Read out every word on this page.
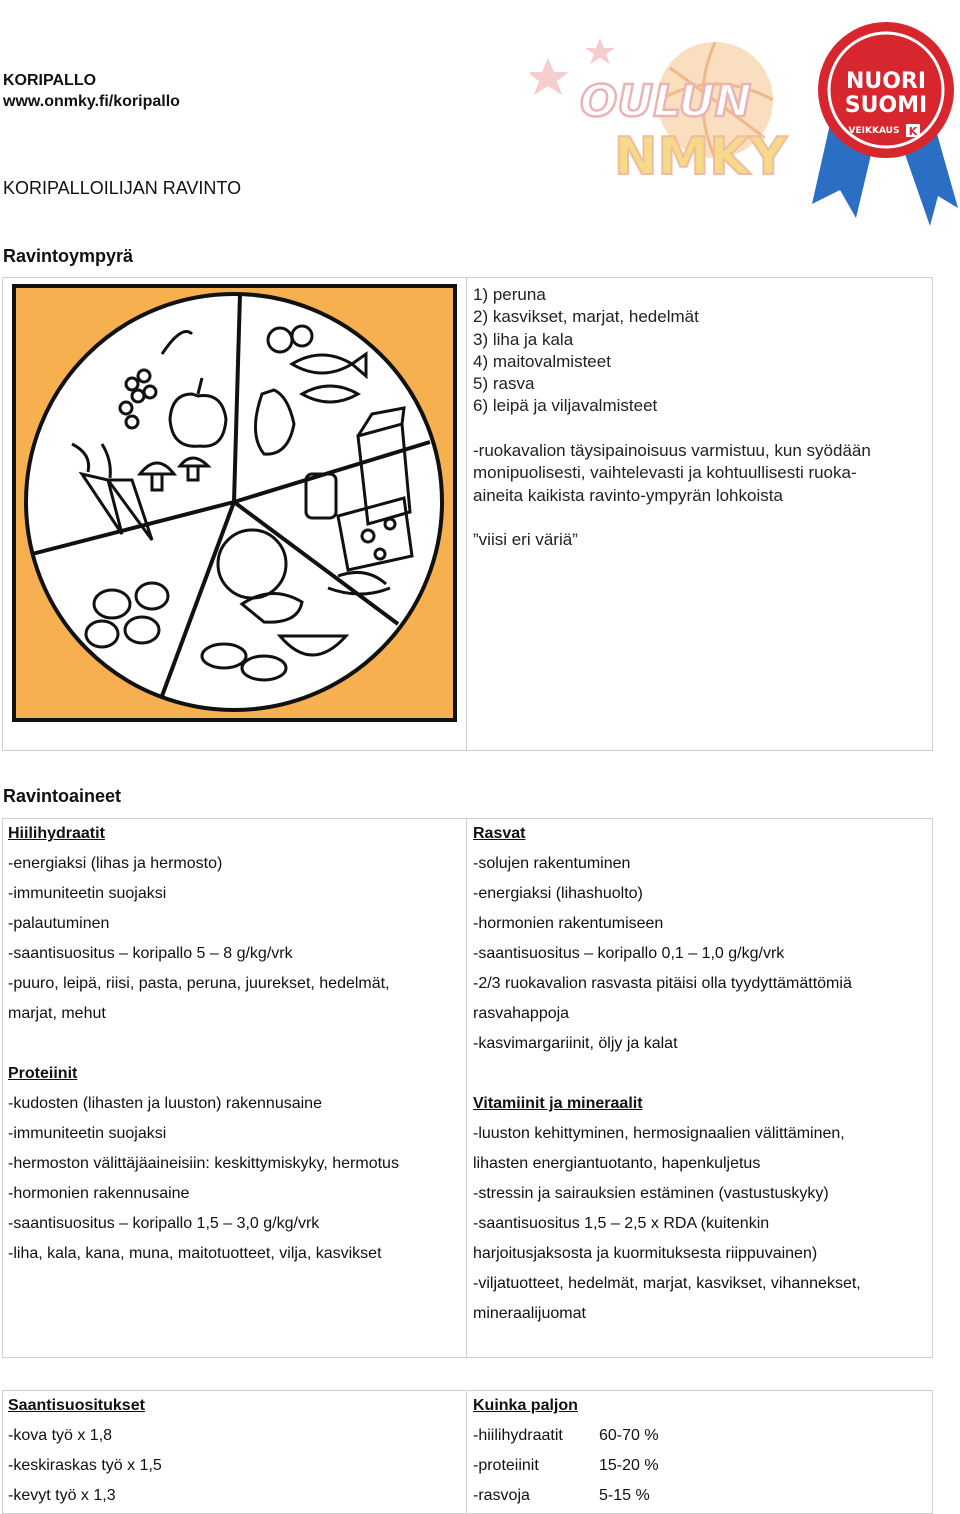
KORIPALLO
www.onmky.fi/koripallo	OULUN
NMKY
NUORI
SUOMI
VEIKKAUS K
KORIPALLOILIJAN RAVINTO
Ravintoympyrä
1) peruna
2) kasvikset, marjat, hedelmät
3) liha ja kala
4) maitovalmisteet
5) rasva
6) leipä ja viljavalmisteet
-ruokavalion täysipainoisuus varmistuu, kun syödään
monipuolisesti, vaihtelevasti ja kohtuullisesti ruoka-
aineita kaikista ravinto-ympyrän lohkoista
”viisi eri väriä”
Ravintoaineet
Hiilihydraatit
-energiaksi (lihas ja hermosto)
-immuniteetin suojaksi
-palautuminen
-saantisuositus – koripallo 5 – 8 g/kg/vrk
-puuro, leipä, riisi, pasta, peruna, juurekset, hedelmät,
marjat, mehut

Proteiinit
-kudosten (lihasten ja luuston) rakennusaine
-immuniteetin suojaksi
-hermoston välittäjäaineisiin: keskittymiskyky, hermotus
-hormonien rakennusaine
-saantisuositus – koripallo 1,5 – 3,0 g/kg/vrk
-liha, kala, kana, muna, maitotuotteet, vilja, kasvikset
Rasvat
-solujen rakentuminen
-energiaksi (lihashuolto)
-hormonien rakentumiseen
-saantisuositus – koripallo 0,1 – 1,0 g/kg/vrk
-2/3 ruokavalion rasvasta pitäisi olla tyydyttämättömiä
rasvahappoja
-kasvimargariinit, öljy ja kalat

Vitamiinit ja mineraalit
-luuston kehittyminen, hermosignaalien välittäminen,
lihasten energiantuotanto, hapenkuljetus
-stressin ja sairauksien estäminen (vastustuskyky)
-saantisuositus 1,5 – 2,5 x RDA (kuitenkin
harjoitusjaksosta ja kuormituksesta riippuvainen)
-viljatuotteet, hedelmät, marjat, kasvikset, vihannekset,
mineraalijuomat
Saantisuositukset
-kova työ x 1,8
-keskiraskas työ x 1,5
-kevyt työ x 1,3
Kuinka paljon
-hiilihydraatit	60-70 %
-proteiinit	15-20 %
-rasvoja	5-15 %
